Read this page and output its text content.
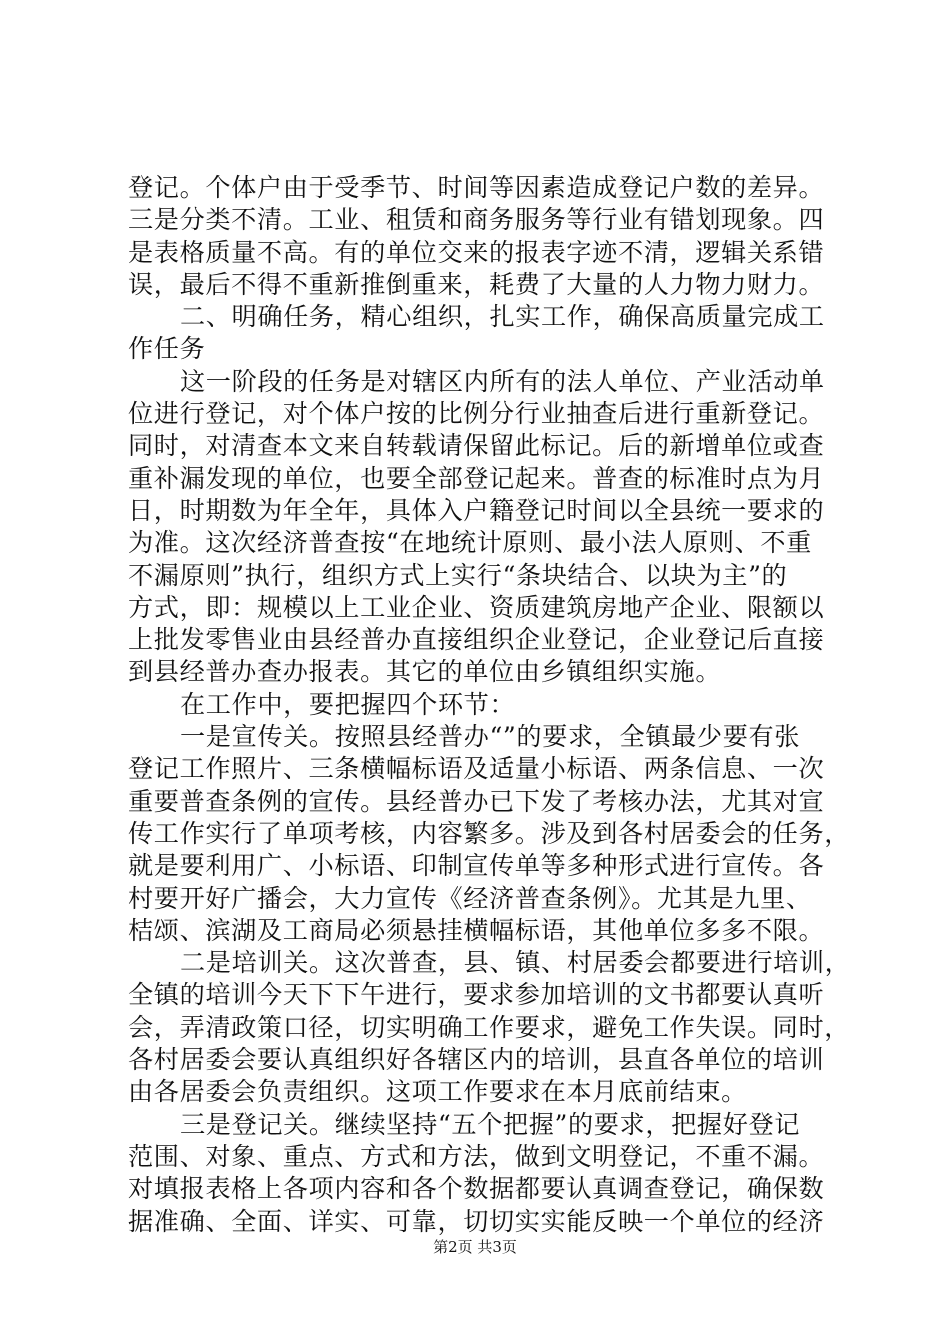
登记。个体户由于受季节、时间等因素造成登记户数的差异。
三是分类不清。工业、租赁和商务服务等行业有错划现象。四
是表格质量不高。有的单位交来的报表字迹不清，逻辑关系错
误，最后不得不重新推倒重来，耗费了大量的人力物力财力。
二、明确任务，精心组织，扎实工作，确保高质量完成工
作任务
这一阶段的任务是对辖区内所有的法人单位、产业活动单
位进行登记，对个体户按的比例分行业抽查后进行重新登记。
同时，对清查本文来自转载请保留此标记。后的新增单位或查
重补漏发现的单位，也要全部登记起来。普查的标准时点为月
日，时期数为年全年，具体入户籍登记时间以全县统一要求的
为准。这次经济普查按“在地统计原则、最小法人原则、不重
不漏原则”执行，组织方式上实行“条块结合、以块为主”的
方式，即：规模以上工业企业、资质建筑房地产企业、限额以
上批发零售业由县经普办直接组织企业登记，企业登记后直接
到县经普办查办报表。其它的单位由乡镇组织实施。
在工作中，要把握四个环节：
一是宣传关。按照县经普办“”的要求，全镇最少要有张
登记工作照片、三条横幅标语及适量小标语、两条信息、一次
重要普查条例的宣传。县经普办已下发了考核办法，尤其对宣
传工作实行了单项考核，内容繁多。涉及到各村居委会的任务，
就是要利用广、小标语、印制宣传单等多种形式进行宣传。各
村要开好广播会，大力宣传《经济普查条例》。尤其是九里、
桔颂、滨湖及工商局必须悬挂横幅标语，其他单位多多不限。
二是培训关。这次普查，县、镇、村居委会都要进行培训，
全镇的培训今天下下午进行，要求参加培训的文书都要认真听
会，弄清政策口径，切实明确工作要求，避免工作失误。同时，
各村居委会要认真组织好各辖区内的培训，县直各单位的培训
由各居委会负责组织。这项工作要求在本月底前结束。
三是登记关。继续坚持“五个把握”的要求，把握好登记
范围、对象、重点、方式和方法，做到文明登记，不重不漏。
对填报表格上各项内容和各个数据都要认真调查登记，确保数
据准确、全面、详实、可靠，切切实实能反映一个单位的经济
第2页 共3页
